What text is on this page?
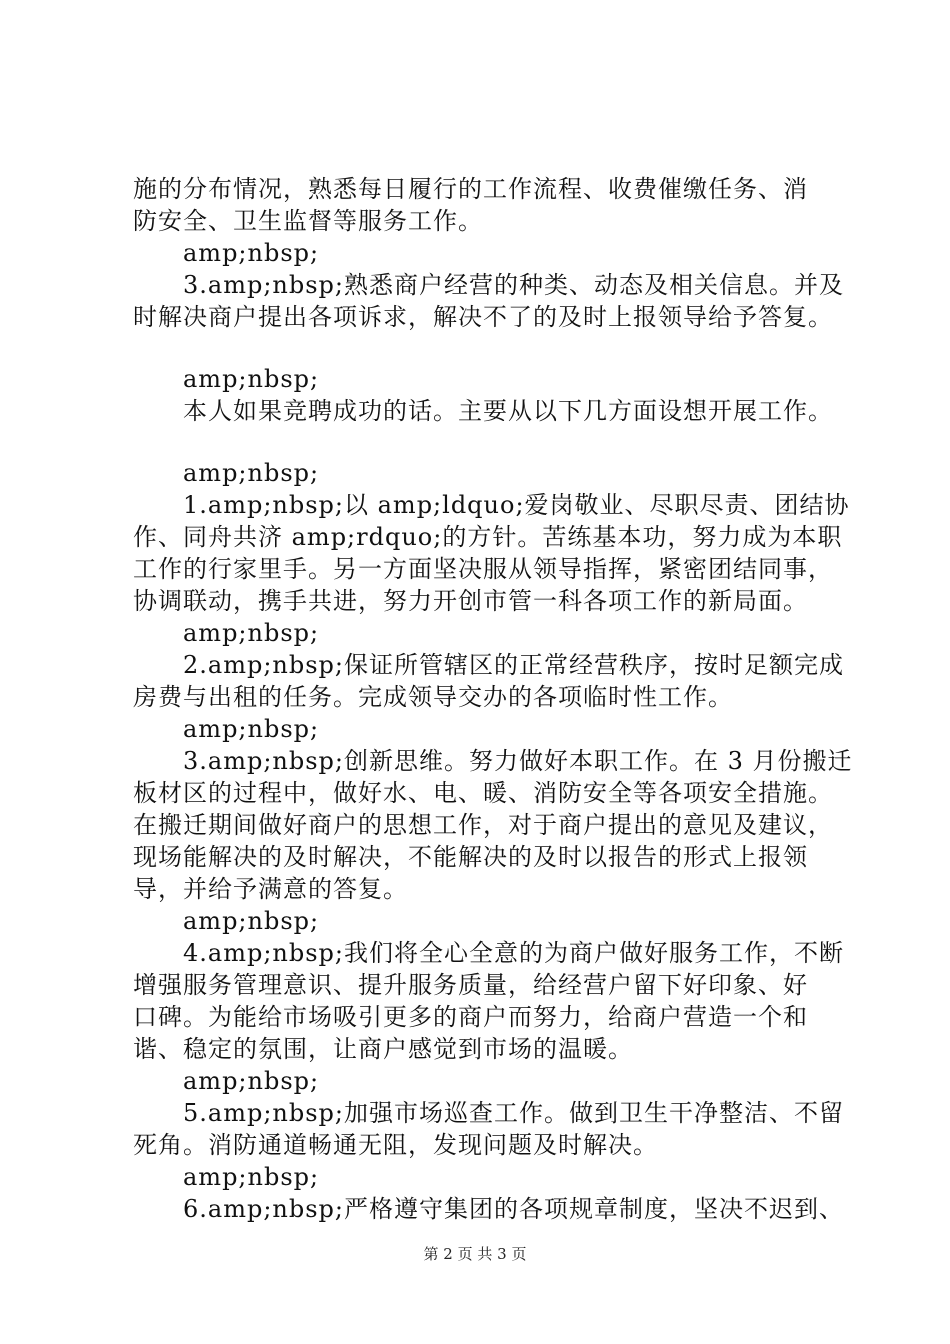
施的分布情况，熟悉每日履行的工作流程、收费催缴任务、消
防安全、卫生监督等服务工作。
　　amp;nbsp;
　　3.amp;nbsp;熟悉商户经营的种类、动态及相关信息。并及
时解决商户提出各项诉求，解决不了的及时上报领导给予答复。
　　amp;nbsp;
　　本人如果竞聘成功的话。主要从以下几方面设想开展工作。
　　amp;nbsp;
　　1.amp;nbsp;以 amp;ldquo;爱岗敬业、尽职尽责、团结协
作、同舟共济 amp;rdquo;的方针。苦练基本功，努力成为本职
工作的行家里手。另一方面坚决服从领导指挥，紧密团结同事，
协调联动，携手共进，努力开创市管一科各项工作的新局面。
　　amp;nbsp;
　　2.amp;nbsp;保证所管辖区的正常经营秩序，按时足额完成
房费与出租的任务。完成领导交办的各项临时性工作。
　　amp;nbsp;
　　3.amp;nbsp;创新思维。努力做好本职工作。在 3 月份搬迁
板材区的过程中，做好水、电、暖、消防安全等各项安全措施。
在搬迁期间做好商户的思想工作，对于商户提出的意见及建议，
现场能解决的及时解决，不能解决的及时以报告的形式上报领
导，并给予满意的答复。
　　amp;nbsp;
　　4.amp;nbsp;我们将全心全意的为商户做好服务工作，不断
增强服务管理意识、提升服务质量，给经营户留下好印象、好
口碑。为能给市场吸引更多的商户而努力，给商户营造一个和
谐、稳定的氛围，让商户感觉到市场的温暖。
　　amp;nbsp;
　　5.amp;nbsp;加强市场巡查工作。做到卫生干净整洁、不留
死角。消防通道畅通无阻，发现问题及时解决。
　　amp;nbsp;
　　6.amp;nbsp;严格遵守集团的各项规章制度，坚决不迟到、
第 2 页 共 3 页
